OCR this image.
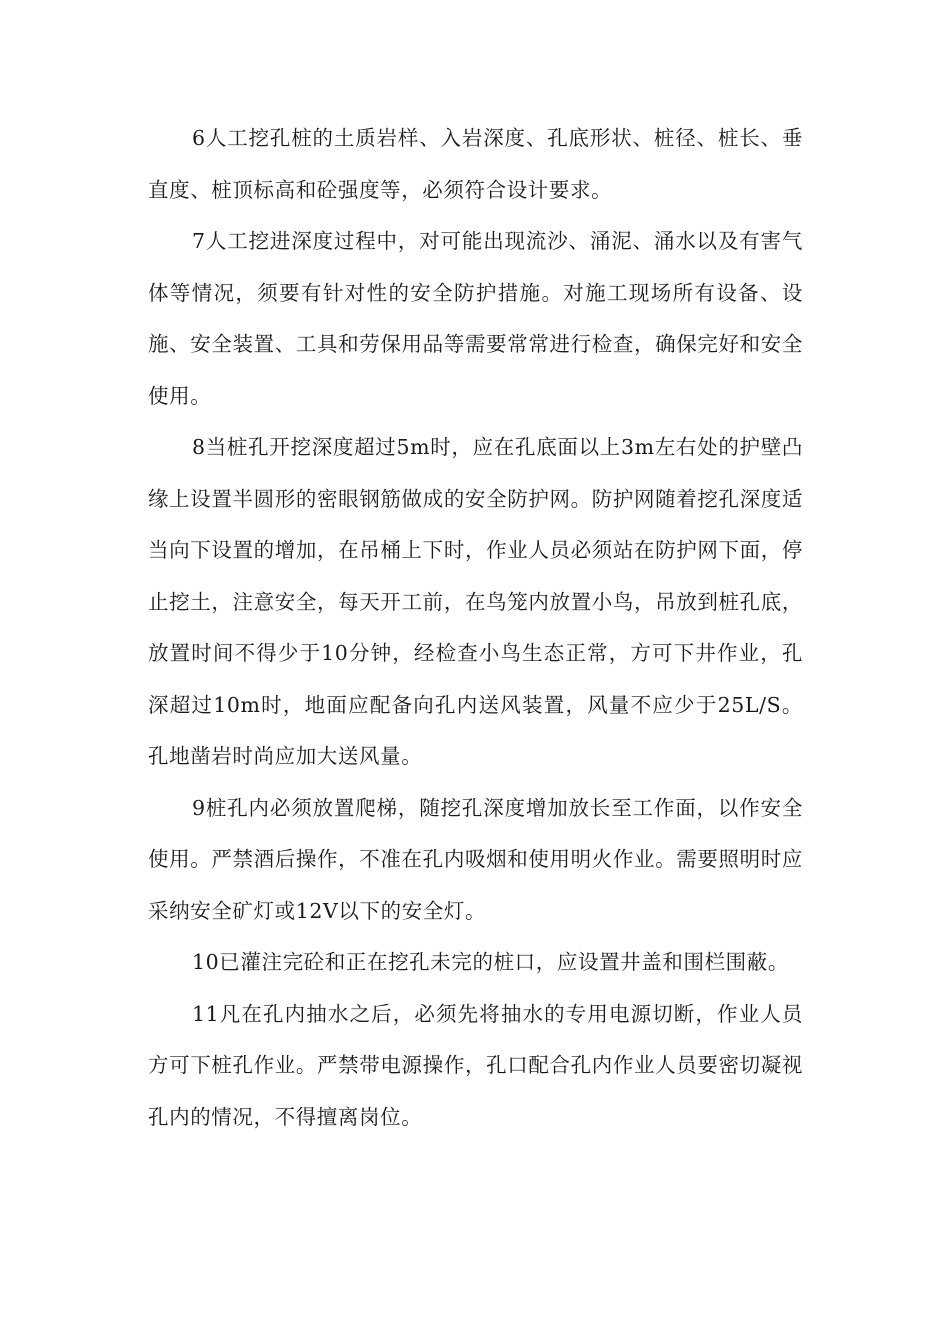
6人工挖孔桩的土质岩样、入岩深度、孔底形状、桩径、桩长、垂直度、桩顶标高和砼强度等，必须符合设计要求。

7人工挖进深度过程中，对可能出现流沙、涌泥、涌水以及有害气体等情况，须要有针对性的安全防护措施。对施工现场所有设备、设施、安全装置、工具和劳保用品等需要常常进行检查，确保完好和安全使用。

8当桩孔开挖深度超过5m时，应在孔底面以上3m左右处的护壁凸缘上设置半圆形的密眼钢筋做成的安全防护网。防护网随着挖孔深度适当向下设置的增加，在吊桶上下时，作业人员必须站在防护网下面，停止挖土，注意安全，每天开工前，在鸟笼内放置小鸟，吊放到桩孔底，放置时间不得少于10分钟，经检查小鸟生态正常，方可下井作业，孔深超过10m时，地面应配备向孔内送风装置，风量不应少于25L/S。孔地凿岩时尚应加大送风量。

9桩孔内必须放置爬梯，随挖孔深度增加放长至工作面，以作安全使用。严禁酒后操作，不准在孔内吸烟和使用明火作业。需要照明时应采纳安全矿灯或12V以下的安全灯。

10已灌注完砼和正在挖孔未完的桩口，应设置井盖和围栏围蔽。

11凡在孔内抽水之后，必须先将抽水的专用电源切断，作业人员方可下桩孔作业。严禁带电源操作，孔口配合孔内作业人员要密切凝视孔内的情况，不得擅离岗位。
